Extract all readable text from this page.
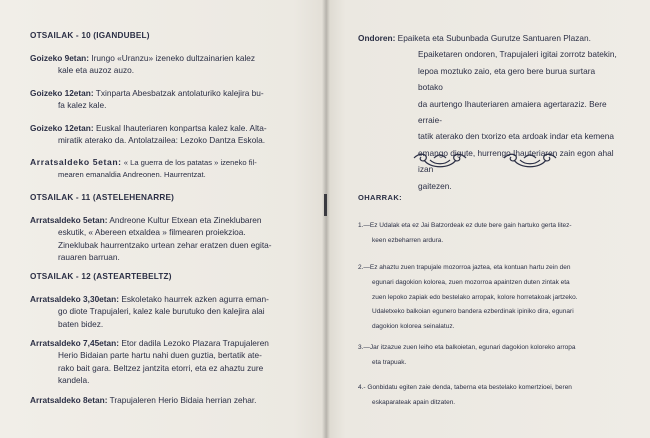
OTSAILAK - 10 (IGANDUBEL)
Goizeko 9etan: Irungo «Uranzu» izeneko dultzainarien kalez
kale eta auzoz auzo.
Goizeko 12etan: Txinparta Abesbatzak antolaturiko kalejira bu-
fa kalez kale.
Goizeko 12etan: Euskal Ihauteriaren konpartsa kalez kale. Alta-
miratik aterako da. Antolatzailea: Lezoko Dantza Eskola.
Arratsaldeko 5etan: « La guerra de los patatas » izeneko fil-
mearen emanaldia Andreonen. Haurrentzat.
OTSAILAK - 11 (ASTELEHENARRE)
Arratsaldeko 5etan: Andreone Kultur Etxean eta Zineklubaren
eskutik, « Abereen etxaldea » filmearen proiekzioa.
Zineklubak haurrentzako urtean zehar eratzen duen egita-
rauaren barruan.
OTSAILAK - 12 (ASTEARTEBELTZ)
Arratsaldeko 3,30etan: Eskoletako haurrek azken agurra eman-
go diote Trapujaleri, kalez kale burutuko den kalejira alai
baten bidez.
Arratsaldeko 7,45etan: Etor dadila Lezoko Plazara Trapujaleren
Herio Bidaian parte hartu nahi duen guztia, bertatik ate-
rako bait gara. Beltzez jantzita etorri, eta ez ahaztu zure
kandela.
Arratsaldeko 8etan: Trapujaleren Herio Bidaia herrian zehar.
Ondoren: Epaiketa eta Subunbada Gurutze Santuaren Plazan.
Epaiketaren ondoren, Trapujaleri igitai zorrotz batekin,
lepoa moztuko zaio, eta gero bere buruа surtara botako
da aurtengo Ihauteriaren amaiera agertaraziz. Bere erraie-
tatik aterako den txorizo eta ardoak indar eta kemena
emango digute, hurrengo Ihauteriaren zain egon ahal izan
gaitezen.
OHARRAK:
1.—Ez Udalak eta ez Jai Batzordeak ez dute bere gain hartuko gerta litez-
keen ezbeharren ardura.
2.—Ez ahaztu zuen trapujale mozorroa jaztea, eta kontuan hartu zein den
egunari dagokion kolorea, zuen mozorroa apaintzen duten zintak eta
zuen lepoko zapiak edo bestelako arropak, kolore horretakoak jartzeko.
Udaletxeko balkoian egunero bandera ezberdinak ipiniko dira, egunari
dagokion kolorea seinalatuz.
3.—Jar itzazue zuen leiho eta balkoietan, egunari dagokion koloreko arropa
eta trapuak.
4.- Gonbidatu egiten zaie denda, taberna eta bestelako komertzioei, beren
eskaparateak apain ditzaten.
